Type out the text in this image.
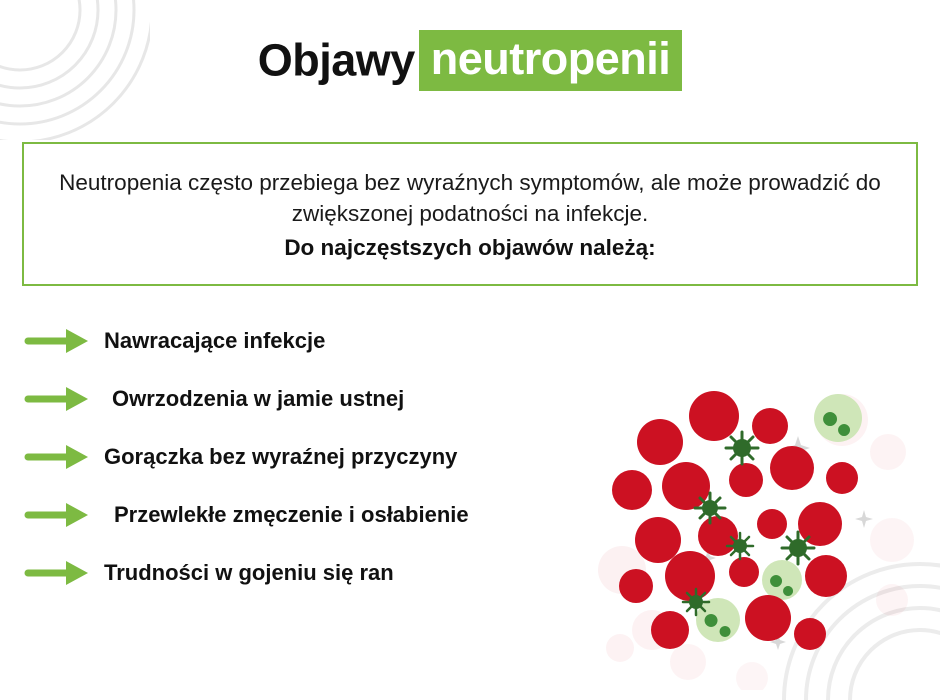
Objawy neutropenii
Neutropenia często przebiega bez wyraźnych symptomów, ale może prowadzić do zwiększonej podatności na infekcje.
Do najczęstszych objawów należą:
Nawracające infekcje
Owrzodzenia w jamie ustnej
Gorączka bez wyraźnej przyczyny
Przewlekłe zmęczenie i osłabienie
Trudności w gojeniu się ran
